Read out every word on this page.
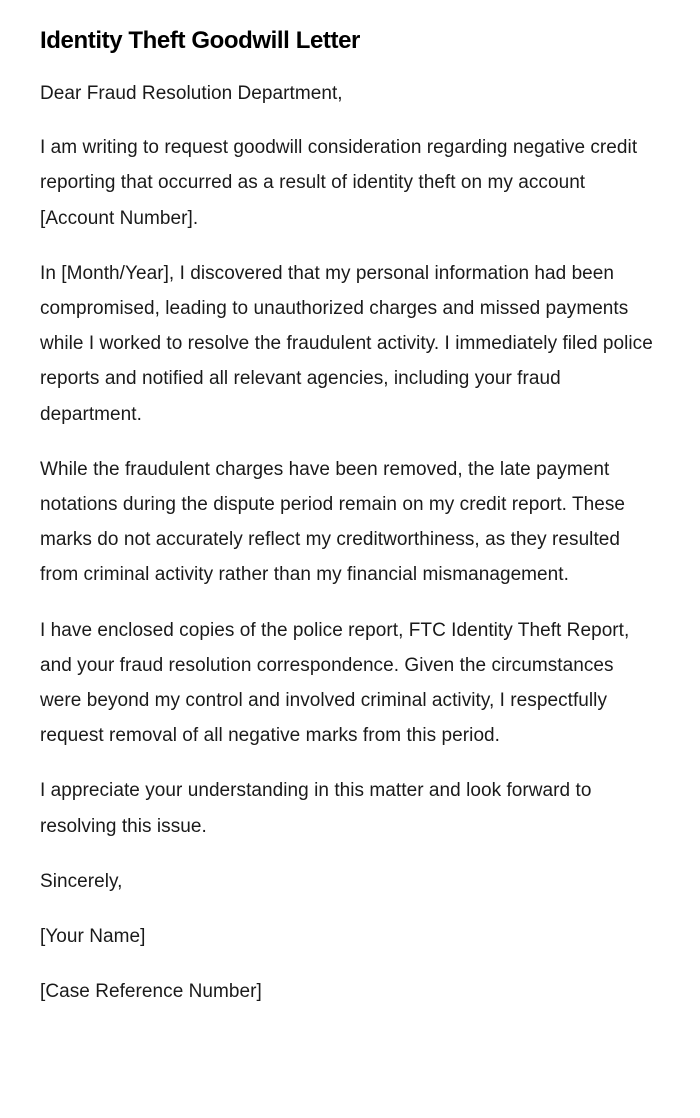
Identity Theft Goodwill Letter

Dear Fraud Resolution Department,

I am writing to request goodwill consideration regarding negative credit reporting that occurred as a result of identity theft on my account [Account Number].

In [Month/Year], I discovered that my personal information had been compromised, leading to unauthorized charges and missed payments while I worked to resolve the fraudulent activity. I immediately filed police reports and notified all relevant agencies, including your fraud department.

While the fraudulent charges have been removed, the late payment notations during the dispute period remain on my credit report. These marks do not accurately reflect my creditworthiness, as they resulted from criminal activity rather than my financial mismanagement.

I have enclosed copies of the police report, FTC Identity Theft Report, and your fraud resolution correspondence. Given the circumstances were beyond my control and involved criminal activity, I respectfully request removal of all negative marks from this period.

I appreciate your understanding in this matter and look forward to resolving this issue.

Sincerely,

[Your Name]

[Case Reference Number]
